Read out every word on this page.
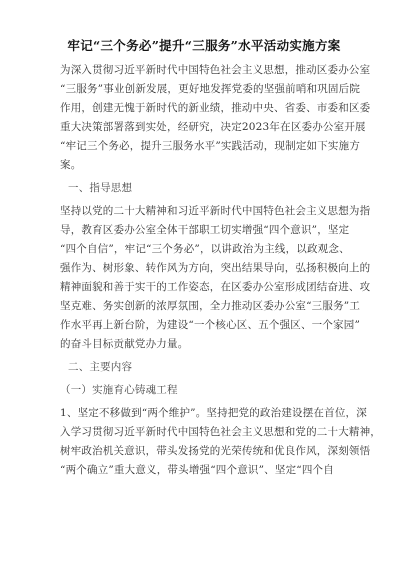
牢记“三个务必”提升“三服务”水平活动实施方案
为深入贯彻习近平新时代中国特色社会主义思想，推动区委办公室
“三服务”事业创新发展，更好地发挥党委的坚强前哨和巩固后院
作用，创建无愧于新时代的新业绩，推动中央、省委、市委和区委
重大决策部署落到实处，经研究，决定2023年在区委办公室开展
“牢记三个务必，提升三服务水平”实践活动，现制定如下实施方
案。
一、指导思想
坚持以党的二十大精神和习近平新时代中国特色社会主义思想为指
导，教育区委办公室全体干部职工切实增强“四个意识”，坚定
“四个自信”，牢记“三个务必”，以讲政治为主线，以政观念、
强作为、树形象、转作风为方向，突出结果导向，弘扬积极向上的
精神面貌和善于实干的工作姿态，在区委办公室形成团结奋进、攻
坚克难、务实创新的浓厚氛围，全力推动区委办公室“三服务”工
作水平再上新台阶，为建设“一个核心区、五个强区、一个家园”
的奋斗目标贡献党办力量。
二、主要内容
（一）实施育心铸魂工程
1、坚定不移做到“两个维护”。坚持把党的政治建设摆在首位，深
入学习贯彻习近平新时代中国特色社会主义思想和党的二十大精神，
树牢政治机关意识，带头发扬党的光荣传统和优良作风，深刻领悟
“两个确立”重大意义，带头增强“四个意识”、坚定“四个自
